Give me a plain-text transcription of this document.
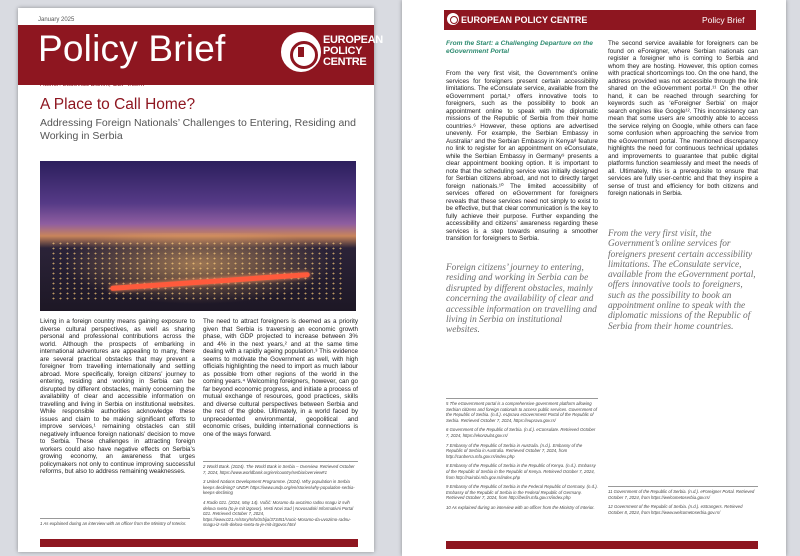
January 2025
Policy Brief	EUROPEAN
POLICY
CENTRE
Author: Ludovica Daffini, CEP Intern
A Place to Call Home?
Addressing Foreign Nationals’ Challenges to Entering, Residing and Working in Serbia
Living in a foreign country means gaining exposure to diverse cultural perspectives, as well as sharing personal and professional contributions across the world. Although the prospects of embarking in international adventures are appealing to many, there are several practical obstacles that may prevent a foreigner from travelling internationally and settling abroad. More specifically, foreign citizens’ journey to entering, residing and working in Serbia can be disrupted by different obstacles, mainly concerning the availability of clear and accessible information on travelling and living in Serbia on institutional websites. While responsible authorities acknowledge these issues and claim to be making significant efforts to improve services,¹ remaining obstacles can still negatively influence foreign nationals’ decision to move to Serbia. These challenges in attracting foreign workers could also have negative effects on Serbia’s growing economy, an awareness that urges policymakers not only to continue improving successful reforms, but also to address remaining weaknesses.
The need to attract foreigners is deemed as a priority given that Serbia is traversing an economic growth phase, with GDP projected to increase between 3% and 4% in the next years,² and at the same time dealing with a rapidly ageing population.³ This evidence seems to motivate the Government as well, with high officials highlighting the need to import as much labour as possible from other regions of the world in the coming years.⁴ Welcoming foreigners, however, can go far beyond economic progress, and initiate a process of mutual exchange of resources, good practices, skills and diverse cultural perspectives between Serbia and the rest of the globe. Ultimately, in a world faced by unprecedented environmental, geopolitical and economic crises, building international connections is one of the ways forward.

2 World Bank. (2024). The World Bank in Serbia – Overview. Retrieved October 7, 2024, https://www.worldbank.org/en/country/serbia/overview#1

3 United Nations Development Programme. (2024). Why population in Serbia keeps declining? UNDP. https://www.undp.org/en/stories/why-population-serbia-keeps-declining

4 Radio 021. (2024, May 14). Vučić: Moramo da uvozimo radnu snagu iz svih delova sveta (to je mit izgovor). Vesti Novi Sad | Novosadski Informativni Portal 021. Retrieved October 7, 2024, https://www.021.rs/story/Info/Srbija/373451/Vucic-Moramo-da-uvozimo-radnu-snagu-iz-svih-delova-sveta-to-je-mit-izgovor.html

1 As explained during an interview with an officer from the Ministry of Interior.
EUROPEAN POLICY CENTRE	Policy Brief
From the Start: a Challenging Departure on the eGovernment Portal
From the very first visit, the Government’s online services for foreigners present certain accessibility limitations. The eConsulate service, available from the eGovernment portal,⁵ offers innovative tools to foreigners, such as the possibility to book an appointment online to speak with the diplomatic missions of the Republic of Serbia from their home countries.⁶ However, these options are advertised unevenly. For example, the Serbian Embassy in Australia⁷ and the Serbian Embassy in Kenya⁸ feature no link to register for an appointment on eConsulate, while the Serbian Embassy in Germany⁹ presents a clear appointment booking option. It is important to note that the scheduling service was initially designed for Serbian citizens abroad, and not to directly target foreign nationals.¹⁰ The limited accessibility of services offered on eGovernment for foreigners reveals that these services need not simply to exist to be effective, but that clear communication is the key to fully achieve their purpose. Further expanding the accessibility and citizens’ awareness regarding these services is a step towards ensuring a smoother transition for foreigners to Serbia.
Foreign citizens’ journey to entering, residing and working in Serbia can be disrupted by different obstacles, mainly concerning the availability of clear and accessible information on travelling and living in Serbia on institutional websites.
The second service available for foreigners can be found on eForeigner, where Serbian nationals can register a foreigner who is coming to Serbia and whom they are hosting. However, this option comes with practical shortcomings too. On the one hand, the address provided was not accessible through the link shared on the eGovernment portal.¹¹ On the other hand, it can be reached through searching for keywords such as ‘eForeigner Serbia’ on major search engines like Google¹². This inconsistency can mean that some users are smoothly able to access the service relying on Google, while others can face some confusion when approaching the service from the eGovernment portal. The mentioned discrepancy highlights the need for continuous technical updates and improvements to guarantee that public digital platforms function seamlessly and meet the needs of all. Ultimately, this is a prerequisite to ensure that services are fully user-centric and that they inspire a sense of trust and efficiency for both citizens and foreign nationals in Serbia.
From the very first visit, the Government’s online services for foreigners present certain accessibility limitations. The eConsulate service, available from the eGovernment portal, offers innovative tools to foreigners, such as the possibility to book an appointment online to speak with the diplomatic missions of the Republic of Serbia from their home countries.

5 The eGovernment portal is a comprehensive government platform allowing Serbian citizens and foreign nationals to access public services. Government of the Republic of Serbia. (n.d.). eUprava eGovernment Portal of the Republic of Serbia. Retrieved October 7, 2024, https://euprava.gov.rs/

6 Government of the Republic of Serbia. (n.d.). eConsulate. Retrieved October 7, 2024, https://ekonzulat.gov.rs/

7 Embassy of the Republic of Serbia in Australia. (n.d.). Embassy of the Republic of Serbia in Australia. Retrieved October 7, 2024, from http://canberra.mfa.gov.rs/index.php

8 Embassy of the Republic of Serbia in the Republic of Kenya. (n.d.). Embassy of the Republic of Serbia in the Republic of Kenya. Retrieved October 7, 2024, from http://nairobi.mfa.gov.rs/index.php

9 Embassy of the Republic of Serbia in the Federal Republic of Germany. (n.d.). Embassy of the Republic of Serbia in the Federal Republic of Germany. Retrieved October 7, 2024, from http://berlin.mfa.gov.rs/index.php

10 As explained during an interview with an officer from the Ministry of Interior.

11 Government of the Republic of Serbia. (n.d.). eForeigner Portal. Retrieved October 7, 2024, from https://welcometoserbia.gov.rs/

12 Government of the Republic of Serbia. (n.d.). eStrangers. Retrieved October 8, 2024, from https://www.welcometoserbia.gov.rs/

2
